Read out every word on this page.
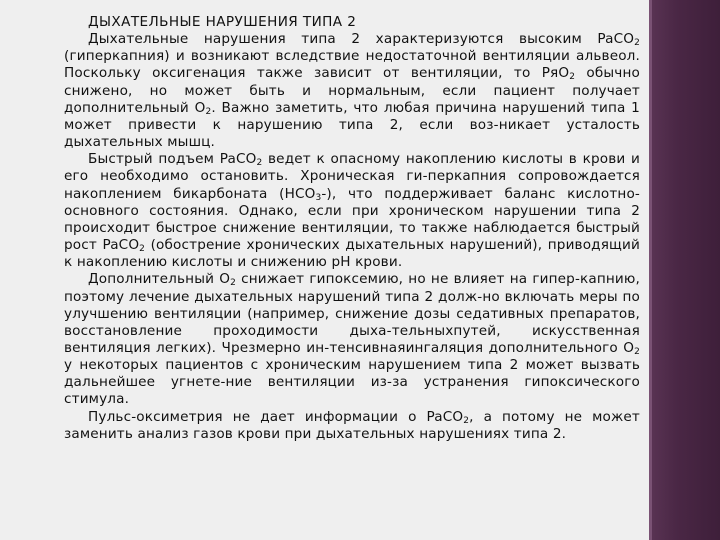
ДЫХАТЕЛЬНЫЕ НАРУШЕНИЯ ТИПА 2

Дыхательные нарушения типа 2 характеризуются высоким PaCO$_2$ (гиперкапния) и возникают вследствие недостаточной вентиляции альвеол. Поскольку оксигенация также зависит от вентиляции, то PяO$_2$ обычно снижено, но может быть и нормальным, если пациент получает дополнительный $O_2$. Важно заметить, что любая причина нарушений типа 1 может привести к нарушению типа 2, если воз-никает усталость дыхательных мышц.

Быстрый подъем PaCO$_2$ ведет к опасному накоплению кислоты в крови и его необходимо остановить. Хроническая ги-перкапния сопровождается накоплением бикарбоната $(HCO_3-)$, что поддерживает баланс кислотно-основного состояния. Однако, если при хроническом нарушении типа 2 происходит быстрое снижение вентиляции, то также наблюдается быстрый рост PaCO$_2$ (обострение хронических дыхательных нарушений), приводящий к накоплению кислоты и снижению pH крови.

Дополнительный $O_2$ снижает гипоксемию, но не влияет на гипер-капнию, поэтому лечение дыхательных нарушений типа 2 долж-но включать меры по улучшению вентиляции (например, снижение дозы седативных препаратов, восстановление проходимости дыха-тельныхпутей, искусственная вентиляция легких). Чрезмерно ин-тенсивнаяингаляция дополнительного $O_2$ у некоторых пациентов с хроническим нарушением типа 2 может вызвать дальнейшее угнете-ние вентиляции из-за устранения гипоксического стимула.

Пульс-оксиметрия не дает информации о PaCO$_2$, а потому не может заменить анализ газов крови при дыхательных нарушениях типа 2.
